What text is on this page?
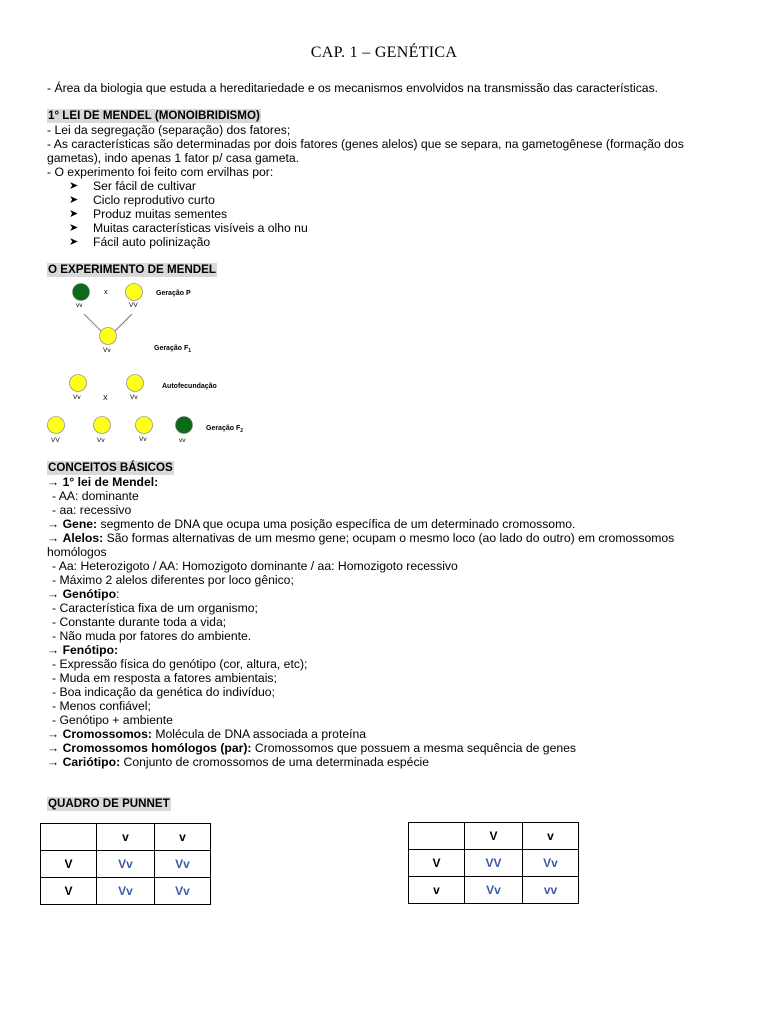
CAP. 1 – GENÉTICA
- Área da biologia que estuda a hereditariedade e os mecanismos envolvidos na transmissão das características.
1° LEI DE MENDEL (MONOIBRIDISMO)
- Lei da segregação (separação) dos fatores;
- As características são determinadas por dois fatores (genes alelos) que se separa, na gametogênese (formação dos gametas), indo apenas 1 fator p/ casa gameta.
- O experimento foi feito com ervilhas por:
➤ Ser fácil de cultivar
➤ Ciclo reprodutivo curto
➤ Produz muitas sementes
➤ Muitas características visíveis a olho nu
➤ Fácil auto polinização
O EXPERIMENTO DE MENDEL
vv
x
VV
Geração P
Vv	Geração $F_1$
Vv	X	Vv
Autofecundação
VV	Vv	Vv	vv
Geração $F_2$
CONCEITOS BÁSICOS
→ 1° lei de Mendel:
- AA: dominante
- aa: recessivo
→ Gene: segmento de DNA que ocupa uma posição específica de um determinado cromossomo.
→ Alelos: São formas alternativas de um mesmo gene; ocupam o mesmo loco (ao lado do outro) em cromossomos homólogos
- Aa: Heterozigoto / AA: Homozigoto dominante / aa: Homozigoto recessivo
- Máximo 2 alelos diferentes por loco gênico;
→ Genótipo:
- Característica fixa de um organismo;
- Constante durante toda a vida;
- Não muda por fatores do ambiente.
→ Fenótipo:
- Expressão física do genótipo (cor, altura, etc);
- Muda em resposta a fatores ambientais;
- Boa indicação da genética do indivíduo;
- Menos confiável;
- Genótipo + ambiente
→ Cromossomos: Molécula de DNA associada a proteína
→ Cromossomos homólogos (par): Cromossomos que possuem a mesma sequência de genes
→ Cariótipo: Conjunto de cromossomos de uma determinada espécie
QUADRO DE PUNNET
	v	v
V	Vv	Vv
V	Vv	Vv
	V	v
V	VV	Vv
v	Vv	vv
